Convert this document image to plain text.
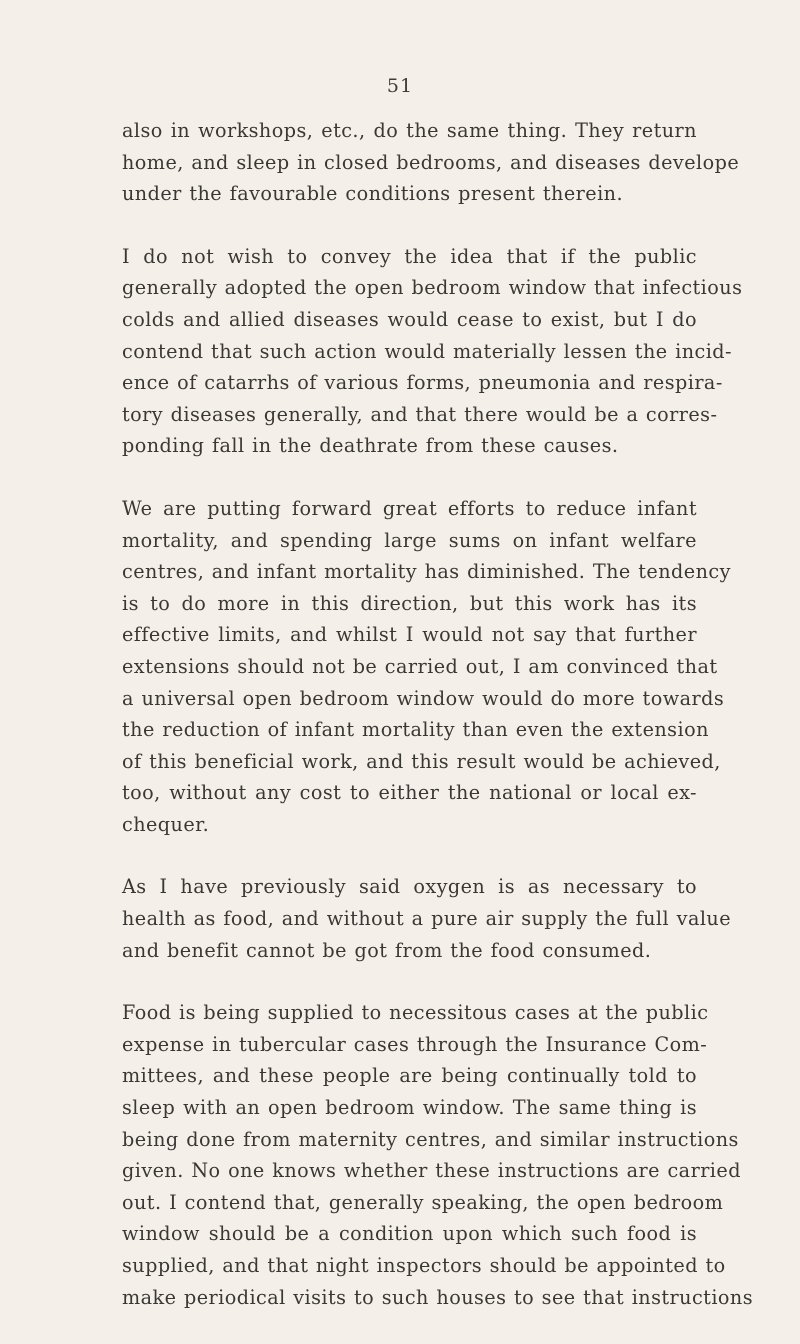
51

also in workshops, etc., do the same thing. They return
home, and sleep in closed bedrooms, and diseases develope
under the favourable conditions present therein.

I do not wish to convey the idea that if the public
generally adopted the open bedroom window that infectious
colds and allied diseases would cease to exist, but I do
contend that such action would materially lessen the incid-
ence of catarrhs of various forms, pneumonia and respira-
tory diseases generally, and that there would be a corres-
ponding fall in the deathrate from these causes.

We are putting forward great efforts to reduce infant
mortality, and spending large sums on infant welfare
centres, and infant mortality has diminished. The tendency
is to do more in this direction, but this work has its
effective limits, and whilst I would not say that further
extensions should not be carried out, I am convinced that
a universal open bedroom window would do more towards
the reduction of infant mortality than even the extension
of this beneficial work, and this result would be achieved,
too, without any cost to either the national or local ex-
chequer.

As I have previously said oxygen is as necessary to
health as food, and without a pure air supply the full value
and benefit cannot be got from the food consumed.

Food is being supplied to necessitous cases at the public
expense in tubercular cases through the Insurance Com-
mittees, and these people are being continually told to
sleep with an open bedroom window. The same thing is
being done from maternity centres, and similar instructions
given. No one knows whether these instructions are carried
out. I contend that, generally speaking, the open bedroom
window should be a condition upon which such food is
supplied, and that night inspectors should be appointed to
make periodical visits to such houses to see that instructions
